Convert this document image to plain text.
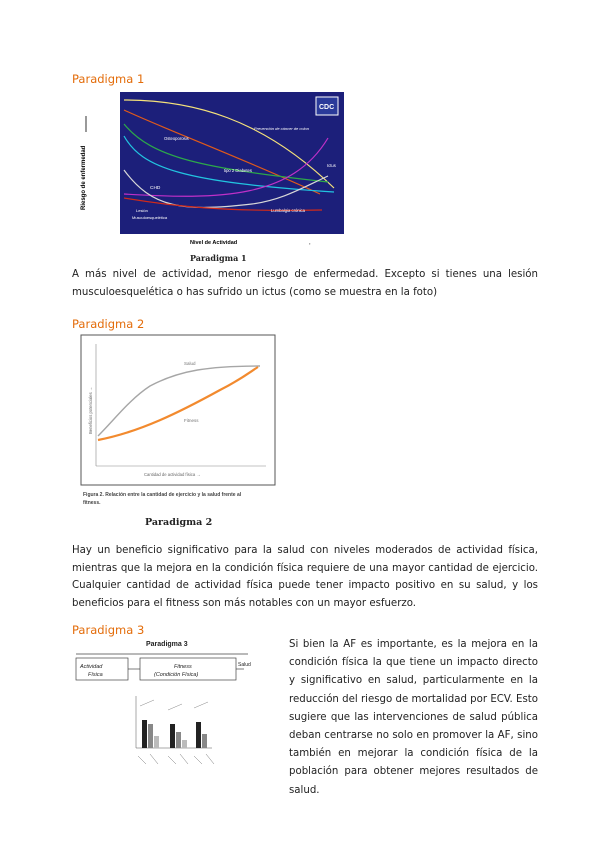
Paradigma 1
Riesgo de enfermedad
Nivel de Actividad	,
CDC
Prevención de cáncer de colon
Osteoporosis
tipo 2 Diabetes
CHD
Ictus
Lesión
Musculoesquelética
Lumbalgia crónica
Paradigma 1
A más nivel de actividad, menor riesgo de enfermedad. Excepto si tienes una lesión musculoesquelética o has sufrido un ictus (como se muestra en la foto)
Paradigma 2
Beneficios potenciales →
Cantidad de actividad física →
Salud
Fitness
Figura 2. Relación entre la cantidad de ejercicio y la salud frente al
fitness.
Paradigma 2
Hay un beneficio significativo para la salud con niveles moderados de actividad física, mientras que la mejora en la condición física requiere de una mayor cantidad de ejercicio. Cualquier cantidad de actividad física puede tener impacto positivo en su salud, y los beneficios para el fitness son más notables con un mayor esfuerzo.
Paradigma 3
Paradigma 3
Actividad
Física
Fitness
(Condición Física)
Salud
Si bien la AF es importante, es la mejora en la condición física la que tiene un impacto directo y significativo en salud, particularmente en la reducción del riesgo de mortalidad por ECV. Esto sugiere que las intervenciones de salud pública deban centrarse no solo en promover la AF, sino también en mejorar la condición física de la población para obtener mejores resultados de salud.
